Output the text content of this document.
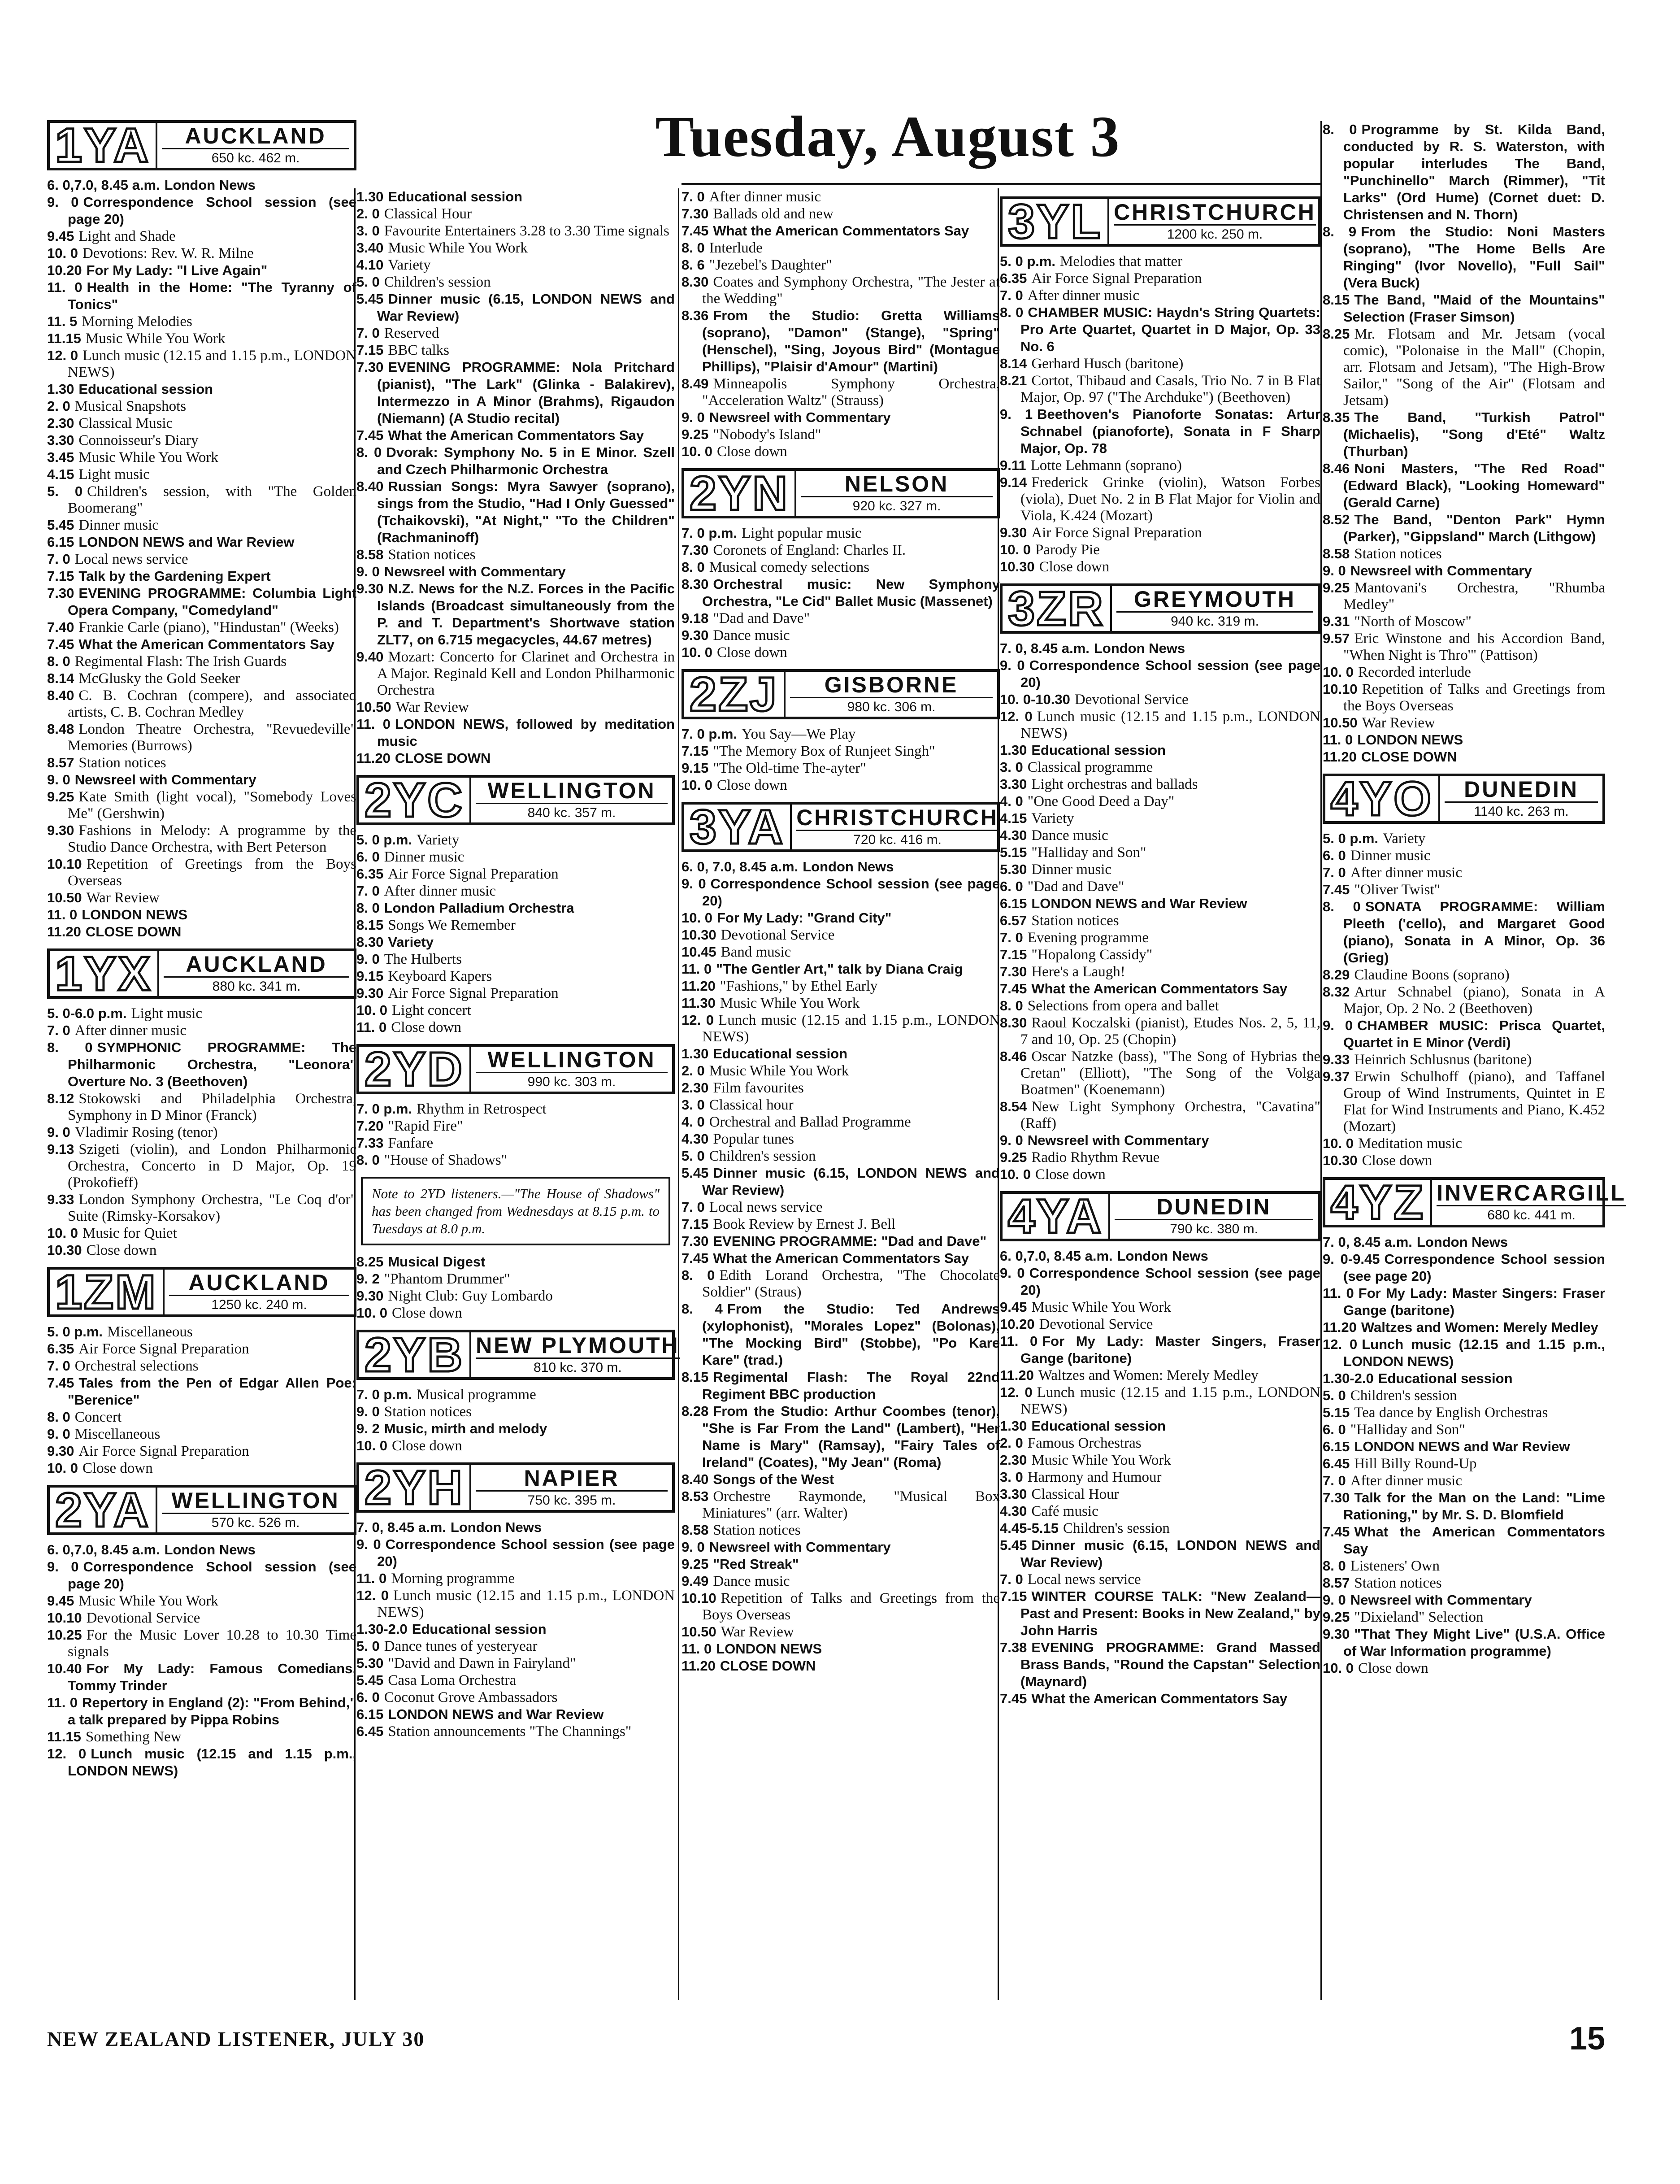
Tuesday, August 3
1YA	AUCKLAND
650 kc. 462 m.
6. 0,7.0, 8.45 a.m. London News
9. 0 Correspondence School session (see page 20)
9.45 Light and Shade
10. 0 Devotions: Rev. W. R. Milne
10.20 For My Lady: "I Live Again"
11. 0 Health in the Home: "The Tyranny of Tonics"
11. 5 Morning Melodies
11.15 Music While You Work
12. 0 Lunch music (12.15 and 1.15 p.m., LONDON NEWS)
1.30 Educational session
2. 0 Musical Snapshots
2.30 Classical Music
3.30 Connoisseur's Diary
3.45 Music While You Work
4.15 Light music
5. 0 Children's session, with "The Golden Boomerang"
5.45 Dinner music
6.15 LONDON NEWS and War Review
7. 0 Local news service
7.15 Talk by the Gardening Expert
7.30 EVENING PROGRAMME: Columbia Light Opera Company, "Comedyland"
7.40 Frankie Carle (piano), "Hindustan" (Weeks)
7.45 What the American Commentators Say
8. 0 Regimental Flash: The Irish Guards
8.14 McGlusky the Gold Seeker
8.40 C. B. Cochran (compere), and associated artists, C. B. Cochran Medley
8.48 London Theatre Orchestra, "Revuedeville" Memories (Burrows)
8.57 Station notices
9. 0 Newsreel with Commentary
9.25 Kate Smith (light vocal), "Somebody Loves Me" (Gershwin)
9.30 Fashions in Melody: A programme by the Studio Dance Orchestra, with Bert Peterson
10.10 Repetition of Greetings from the Boys Overseas
10.50 War Review
11. 0 LONDON NEWS
11.20 CLOSE DOWN
1YX	AUCKLAND
880 kc. 341 m.
5. 0-6.0 p.m. Light music
7. 0 After dinner music
8. 0 SYMPHONIC PROGRAMME: The Philharmonic Orchestra, "Leonora" Overture No. 3 (Beethoven)
8.12 Stokowski and Philadelphia Orchestra, Symphony in D Minor (Franck)
9. 0 Vladimir Rosing (tenor)
9.13 Szigeti (violin), and London Philharmonic Orchestra, Concerto in D Major, Op. 19 (Prokofieff)
9.33 London Symphony Orchestra, "Le Coq d'or" Suite (Rimsky-Korsakov)
10. 0 Music for Quiet
10.30 Close down
1ZM	AUCKLAND
1250 kc. 240 m.
5. 0 p.m. Miscellaneous
6.35 Air Force Signal Preparation
7. 0 Orchestral selections
7.45 Tales from the Pen of Edgar Allen Poe: "Berenice"
8. 0 Concert
9. 0 Miscellaneous
9.30 Air Force Signal Preparation
10. 0 Close down
2YA WELLINGTON
570 kc. 526 m.
6. 0,7.0, 8.45 a.m. London News
9. 0 Correspondence School session (see page 20)
9.45 Music While You Work
10.10 Devotional Service
10.25 For the Music Lover 10.28 to 10.30 Time signals
10.40 For My Lady: Famous Comedians, Tommy Trinder
11. 0 Repertory in England (2): "From Behind," a talk prepared by Pippa Robins
11.15 Something New
12. 0 Lunch music (12.15 and 1.15 p.m., LONDON NEWS)
1.30 Educational session
2. 0 Classical Hour
3. 0 Favourite Entertainers 3.28 to 3.30 Time signals
3.40 Music While You Work
4.10 Variety
5. 0 Children's session
5.45 Dinner music (6.15, LONDON NEWS and War Review)
7. 0 Reserved
7.15 BBC talks
7.30 EVENING PROGRAMME: Nola Pritchard (pianist), "The Lark" (Glinka - Balakirev), Intermezzo in A Minor (Brahms), Rigaudon (Niemann) (A Studio recital)
7.45 What the American Commentators Say
8. 0 Dvorak: Symphony No. 5 in E Minor. Szell and Czech Philharmonic Orchestra
8.40 Russian Songs: Myra Sawyer (soprano), sings from the Studio, "Had I Only Guessed" (Tchaikovski), "At Night," "To the Children" (Rachmaninoff)
8.58 Station notices
9. 0 Newsreel with Commentary
9.30 N.Z. News for the N.Z. Forces in the Pacific Islands (Broadcast simultaneously from the P. and T. Department's Shortwave station ZLT7, on 6.715 megacycles, 44.67 metres)
9.40 Mozart: Concerto for Clarinet and Orchestra in A Major. Reginald Kell and London Philharmonic Orchestra
10.50 War Review
11. 0 LONDON NEWS, followed by meditation music
11.20 CLOSE DOWN
2YC	WELLINGTON
840 kc. 357 m.
5. 0 p.m. Variety
6. 0 Dinner music
6.35 Air Force Signal Preparation
7. 0 After dinner music
8. 0 London Palladium Orchestra
8.15 Songs We Remember
8.30 Variety
9. 0 The Hulberts
9.15 Keyboard Kapers
9.30 Air Force Signal Preparation
10. 0 Light concert
11. 0 Close down
2YD	WELLINGTON
990 kc. 303 m.
7. 0 p.m. Rhythm in Retrospect
7.20 "Rapid Fire"
7.33 Fanfare
8. 0 "House of Shadows"
Note to 2YD listeners.—"The House of Shadows" has been changed from Wednesdays at 8.15 p.m. to Tuesdays at 8.0 p.m.
8.25 Musical Digest
9. 2 "Phantom Drummer"
9.30 Night Club: Guy Lombardo
10. 0 Close down
2YB NEW PLYMOUTH
810 kc. 370 m.
7. 0 p.m. Musical programme
9. 0 Station notices
9. 2 Music, mirth and melody
10. 0 Close down
2YH	NAPIER
750 kc. 395 m.
7. 0, 8.45 a.m. London News
9. 0 Correspondence School session (see page 20)
11. 0 Morning programme
12. 0 Lunch music (12.15 and 1.15 p.m., LONDON NEWS)
1.30-2.0 Educational session
5. 0 Dance tunes of yesteryear
5.30 "David and Dawn in Fairyland"
5.45 Casa Loma Orchestra
6. 0 Coconut Grove Ambassadors
6.15 LONDON NEWS and War Review
6.45 Station announcements "The Channings"
7. 0 After dinner music
7.30 Ballads old and new
7.45 What the American Commentators Say
8. 0 Interlude
8. 6 "Jezebel's Daughter"
8.30 Coates and Symphony Orchestra, "The Jester at the Wedding"
8.36 From the Studio: Gretta Williams (soprano), "Damon" (Stange), "Spring" (Henschel), "Sing, Joyous Bird" (Montague Phillips), "Plaisir d'Amour" (Martini)
8.49 Minneapolis Symphony Orchestra, "Acceleration Waltz" (Strauss)
9. 0 Newsreel with Commentary
9.25 "Nobody's Island"
10. 0 Close down
2YN	NELSON
920 kc. 327 m.
7. 0 p.m. Light popular music
7.30 Coronets of England: Charles II.
8. 0 Musical comedy selections
8.30 Orchestral music: New Symphony Orchestra, "Le Cid" Ballet Music (Massenet)
9.18 "Dad and Dave"
9.30 Dance music
10. 0 Close down
2ZJ	GISBORNE
980 kc. 306 m.
7. 0 p.m. You Say—We Play
7.15 "The Memory Box of Runjeet Singh"
9.15 "The Old-time The-ayter"
10. 0 Close down
3YA CHRISTCHURCH
720 kc. 416 m.
6. 0, 7.0, 8.45 a.m. London News
9. 0 Correspondence School session (see page 20)
10. 0 For My Lady: "Grand City"
10.30 Devotional Service
10.45 Band music
11. 0 "The Gentler Art," talk by Diana Craig
11.20 "Fashions," by Ethel Early
11.30 Music While You Work
12. 0 Lunch music (12.15 and 1.15 p.m., LONDON NEWS)
1.30 Educational session
2. 0 Music While You Work
2.30 Film favourites
3. 0 Classical hour
4. 0 Orchestral and Ballad Programme
4.30 Popular tunes
5. 0 Children's session
5.45 Dinner music (6.15, LONDON NEWS and War Review)
7. 0 Local news service
7.15 Book Review by Ernest J. Bell
7.30 EVENING PROGRAMME: "Dad and Dave"
7.45 What the American Commentators Say
8. 0 Edith Lorand Orchestra, "The Chocolate Soldier" (Straus)
8. 4 From the Studio: Ted Andrews (xylophonist), "Morales Lopez" (Bolonas), "The Mocking Bird" (Stobbe), "Po Kare Kare" (trad.)
8.15 Regimental Flash: The Royal 22nd Regiment BBC production
8.28 From the Studio: Arthur Coombes (tenor), "She is Far From the Land" (Lambert), "Her Name is Mary" (Ramsay), "Fairy Tales of Ireland" (Coates), "My Jean" (Roma)
8.40 Songs of the West
8.53 Orchestre Raymonde, "Musical Box Miniatures" (arr. Walter)
8.58 Station notices
9. 0 Newsreel with Commentary
9.25 "Red Streak"
9.49 Dance music
10.10 Repetition of Talks and Greetings from the Boys Overseas
10.50 War Review
11. 0 LONDON NEWS
11.20 CLOSE DOWN
3YL CHRISTCHURCH
1200 kc. 250 m.
5. 0 p.m. Melodies that matter
6.35 Air Force Signal Preparation
7. 0 After dinner music
8. 0 CHAMBER MUSIC: Haydn's String Quartets: Pro Arte Quartet, Quartet in D Major, Op. 33 No. 6
8.14 Gerhard Husch (baritone)
8.21 Cortot, Thibaud and Casals, Trio No. 7 in B Flat Major, Op. 97 ("The Archduke") (Beethoven)
9. 1 Beethoven's Pianoforte Sonatas: Artur Schnabel (pianoforte), Sonata in F Sharp Major, Op. 78
9.11 Lotte Lehmann (soprano)
9.14 Frederick Grinke (violin), Watson Forbes (viola), Duet No. 2 in B Flat Major for Violin and Viola, K.424 (Mozart)
9.30 Air Force Signal Preparation
10. 0 Parody Pie
10.30 Close down
3ZR	GREYMOUTH
940 kc. 319 m.
7. 0, 8.45 a.m. London News
9. 0 Correspondence School session (see page 20)
10. 0-10.30 Devotional Service
12. 0 Lunch music (12.15 and 1.15 p.m., LONDON NEWS)
1.30 Educational session
3. 0 Classical programme
3.30 Light orchestras and ballads
4. 0 "One Good Deed a Day"
4.15 Variety
4.30 Dance music
5.15 "Halliday and Son"
5.30 Dinner music
6. 0 "Dad and Dave"
6.15 LONDON NEWS and War Review
6.57 Station notices
7. 0 Evening programme
7.15 "Hopalong Cassidy"
7.30 Here's a Laugh!
7.45 What the American Commentators Say
8. 0 Selections from opera and ballet
8.30 Raoul Koczalski (pianist), Etudes Nos. 2, 5, 11, 7 and 10, Op. 25 (Chopin)
8.46 Oscar Natzke (bass), "The Song of Hybrias the Cretan" (Elliott), "The Song of the Volga Boatmen" (Koenemann)
8.54 New Light Symphony Orchestra, "Cavatina" (Raff)
9. 0 Newsreel with Commentary
9.25 Radio Rhythm Revue
10. 0 Close down
4YA	DUNEDIN
790 kc. 380 m.
6. 0,7.0, 8.45 a.m. London News
9. 0 Correspondence School session (see page 20)
9.45 Music While You Work
10.20 Devotional Service
11. 0 For My Lady: Master Singers, Fraser Gange (baritone)
11.20 Waltzes and Women: Merely Medley
12. 0 Lunch music (12.15 and 1.15 p.m., LONDON NEWS)
1.30 Educational session
2. 0 Famous Orchestras
2.30 Music While You Work
3. 0 Harmony and Humour
3.30 Classical Hour
4.30 Café music
4.45-5.15 Children's session
5.45 Dinner music (6.15, LONDON NEWS and War Review)
7. 0 Local news service
7.15 WINTER COURSE TALK: "New Zealand—Past and Present: Books in New Zealand," by John Harris
7.38 EVENING PROGRAMME: Grand Massed Brass Bands, "Round the Capstan" Selection (Maynard)
7.45 What the American Commentators Say
8. 0 Programme by St. Kilda Band, conducted by R. S. Waterston, with popular interludes The Band, "Punchinello" March (Rimmer), "Tit Larks" (Ord Hume) (Cornet duet: D. Christensen and N. Thorn)
8. 9 From the Studio: Noni Masters (soprano), "The Home Bells Are Ringing" (Ivor Novello), "Full Sail" (Vera Buck)
8.15 The Band, "Maid of the Mountains" Selection (Fraser Simson)
8.25 Mr. Flotsam and Mr. Jetsam (vocal comic), "Polonaise in the Mall" (Chopin, arr. Flotsam and Jetsam), "The High-Brow Sailor," "Song of the Air" (Flotsam and Jetsam)
8.35 The Band, "Turkish Patrol" (Michaelis), "Song d'Eté" Waltz (Thurban)
8.46 Noni Masters, "The Red Road" (Edward Black), "Looking Homeward" (Gerald Carne)
8.52 The Band, "Denton Park" Hymn (Parker), "Gippsland" March (Lithgow)
8.58 Station notices
9. 0 Newsreel with Commentary
9.25 Mantovani's Orchestra, "Rhumba Medley"
9.31 "North of Moscow"
9.57 Eric Winstone and his Accordion Band, "When Night is Thro'" (Pattison)
10. 0 Recorded interlude
10.10 Repetition of Talks and Greetings from the Boys Overseas
10.50 War Review
11. 0 LONDON NEWS
11.20 CLOSE DOWN
4YO	DUNEDIN
1140 kc. 263 m.
5. 0 p.m. Variety
6. 0 Dinner music
7. 0 After dinner music
7.45 "Oliver Twist"
8. 0 SONATA PROGRAMME: William Pleeth ('cello), and Margaret Good (piano), Sonata in A Minor, Op. 36 (Grieg)
8.29 Claudine Boons (soprano)
8.32 Artur Schnabel (piano), Sonata in A Major, Op. 2 No. 2 (Beethoven)
9. 0 CHAMBER MUSIC: Prisca Quartet, Quartet in E Minor (Verdi)
9.33 Heinrich Schlusnus (baritone)
9.37 Erwin Schulhoff (piano), and Taffanel Group of Wind Instruments, Quintet in E Flat for Wind Instruments and Piano, K.452 (Mozart)
10. 0 Meditation music
10.30 Close down
4YZ INVERCARGILL
680 kc. 441 m.
7. 0, 8.45 a.m. London News
9. 0-9.45 Correspondence School session (see page 20)
11. 0 For My Lady: Master Singers: Fraser Gange (baritone)
11.20 Waltzes and Women: Merely Medley
12. 0 Lunch music (12.15 and 1.15 p.m., LONDON NEWS)
1.30-2.0 Educational session
5. 0 Children's session
5.15 Tea dance by English Orchestras
6. 0 "Halliday and Son"
6.15 LONDON NEWS and War Review
6.45 Hill Billy Round-Up
7. 0 After dinner music
7.30 Talk for the Man on the Land: "Lime Rationing," by Mr. S. D. Blomfield
7.45 What the American Commentators Say
8. 0 Listeners' Own
8.57 Station notices
9. 0 Newsreel with Commentary
9.25 "Dixieland" Selection
9.30 "That They Might Live" (U.S.A. Office of War Information programme)
10. 0 Close down
NEW ZEALAND LISTENER, JULY 30	15
